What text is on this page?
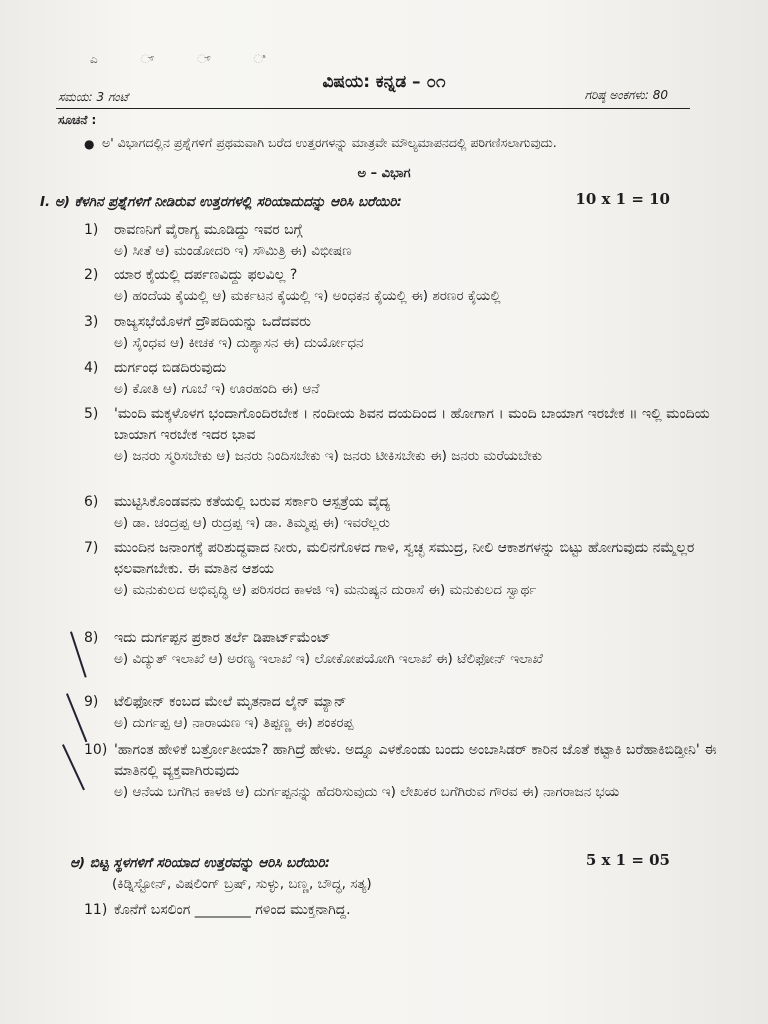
ಎ ್ ್ ಿ
ವಿಷಯ: ಕನ್ನಡ – ೦೧
ಸಮಯ: 3 ಗಂಟೆ	ಗರಿಷ್ಠ ಅಂಕಗಳು: 80
ಸೂಚನೆ :
● ಅ' ವಿಭಾಗದಲ್ಲಿನ ಪ್ರಶ್ನೆಗಳಿಗೆ ಪ್ರಥಮವಾಗಿ ಬರೆದ ಉತ್ತರಗಳನ್ನು ಮಾತ್ರವೇ ಮೌಲ್ಯಮಾಪನದಲ್ಲಿ ಪರಿಗಣಿಸಲಾಗುವುದು.
ಅ – ವಿಭಾಗ
I. ಅ) ಕೆಳಗಿನ ಪ್ರಶ್ನೆಗಳಿಗೆ ನೀಡಿರುವ ಉತ್ತರಗಳಲ್ಲಿ ಸರಿಯಾದುದನ್ನು ಆರಿಸಿ ಬರೆಯಿರಿ:	10 x 1 = 10
1) ರಾವಣನಿಗೆ ವೈರಾಗ್ಯ ಮೂಡಿದ್ದು ಇವರ ಬಗ್ಗೆ
ಅ) ಸೀತೆ ಆ) ಮಂಡೋದರಿ ಇ) ಸೌಮಿತ್ರಿ ಈ) ವಿಭೀಷಣ
2) ಯಾರ ಕೈಯಲ್ಲಿ ದರ್ಪಣವಿದ್ದು ಫಲವಿಲ್ಲ ?
ಅ) ಹಂದೆಯ ಕೈಯಲ್ಲಿ ಆ) ಮರ್ಕಟನ ಕೈಯಲ್ಲಿ ಇ) ಅಂಧಕನ ಕೈಯಲ್ಲಿ ಈ) ಶರಣರ ಕೈಯಲ್ಲಿ
3) ರಾಜ್ಯಸಭೆಯೊಳಗೆ ದ್ರೌಪದಿಯನ್ನು ಒದೆದವರು
ಅ) ಸೈಂಧವ ಆ) ಕೀಚಕ ಇ) ದುಶ್ಯಾಸನ ಈ) ದುರ್ಯೋಧನ
4) ದುರ್ಗಂಧ ಬಿಡದಿರುವುದು
ಅ) ಕೋತಿ ಆ) ಗೂಬೆ ಇ) ಊರಹಂದಿ ಈ) ಆನೆ
5) 'ಮಂದಿ ಮಕ್ಕಳೊಳಗ ಭಂದಾಗೊಂದಿರಬೇಕ । ನಂದೀಯ ಶಿವನ ದಯದಿಂದ । ಹೋಗಾಗ । ಮಂದಿ ಬಾಯಾಗ ಇರಬೇಕ ॥ ಇಲ್ಲಿ ಮಂದಿಯ ಬಾಯಾಗ ಇರಬೇಕ ಇದರ ಭಾವ
ಅ) ಜನರು ಸ್ಮರಿಸಬೇಕು ಆ) ಜನರು ನಿಂದಿಸಬೇಕು ಇ) ಜನರು ಟೀಕಿಸಬೇಕು ಈ) ಜನರು ಮರೆಯಬೇಕು
6) ಮುಟ್ಟಿಸಿಕೊಂಡವನು ಕತೆಯಲ್ಲಿ ಬರುವ ಸರ್ಕಾರಿ ಆಸ್ಪತ್ರೆಯ ವೈದ್ಯ
ಅ) ಡಾ. ಚಂದ್ರಪ್ಪ ಆ) ರುದ್ರಪ್ಪ ಇ) ಡಾ. ತಿಮ್ಮಪ್ಪ ಈ) ಇವರೆಲ್ಲರು
7) ಮುಂದಿನ ಜನಾಂಗಕ್ಕೆ ಪರಿಶುದ್ಧವಾದ ನೀರು, ಮಲಿನಗೊಳದ ಗಾಳಿ, ಸ್ವಚ್ಛ ಸಮುದ್ರ, ನೀಲಿ ಆಕಾಶಗಳನ್ನು ಬಿಟ್ಟು ಹೋಗುವುದು ನಮ್ಮೆಲ್ಲರ ಛಲವಾಗಬೇಕು. ಈ ಮಾತಿನ ಆಶಯ
ಅ) ಮನುಕುಲದ ಅಭಿವೃದ್ಧಿ ಆ) ಪರಿಸರದ ಕಾಳಜಿ ಇ) ಮನುಷ್ಯನ ದುರಾಸೆ ಈ) ಮನುಕುಲದ ಸ್ವಾರ್ಥ
8) ಇದು ದುರ್ಗಪ್ಪನ ಪ್ರಕಾರ ತರ್ಲೆ ಡಿಪಾರ್ಟ್‌ಮೆಂಟ್
ಅ) ವಿದ್ಯುತ್ ಇಲಾಖೆ ಆ) ಅರಣ್ಯ ಇಲಾಖೆ ಇ) ಲೋಕೋಪಯೋಗಿ ಇಲಾಖೆ ಈ) ಟೆಲಿಫೋನ್ ಇಲಾಖೆ
9) ಟೆಲಿಫೋನ್ ಕಂಬದ ಮೇಲೆ ಮೃತನಾದ ಲೈನ್ ಮ್ಯಾನ್
ಅ) ದುರ್ಗಪ್ಪ ಆ) ನಾರಾಯಣ ಇ) ತಿಪ್ಪಣ್ಣ ಈ) ಶಂಕರಪ್ಪ
10) 'ಹಾಗಂತ ಹೇಳಿಕೆ ಬರ್ತ್ರೋತೀಯಾ? ಹಾಗಿದ್ರೆ ಹೇಳು. ಅದ್ನೂ ಎಳಕೊಂಡು ಬಂದು ಅಂಬಾಸಿಡರ್ ಕಾರಿನ ಜೊತೆ ಕಟ್ಟಾಕಿ ಬರೆಹಾಕಿಬಿಡ್ತೀನಿ' ಈ ಮಾತಿನಲ್ಲಿ ವ್ಯಕ್ತವಾಗಿರುವುದು
ಅ) ಆನೆಯ ಬಗೆಗಿನ ಕಾಳಜಿ ಆ) ದುರ್ಗಪ್ಪನನ್ನು ಹೆದರಿಸುವುದು ಇ) ಲೇಖಕರ ಬಗೆಗಿರುವ ಗೌರವ ಈ) ನಾಗರಾಜನ ಭಯ
ಆ) ಬಿಟ್ಟ ಸ್ಥಳಗಳಿಗೆ ಸರಿಯಾದ ಉತ್ತರವನ್ನು ಆರಿಸಿ ಬರೆಯಿರಿ:	5 x 1 = 05
(ಕಿಡ್ನಿಸ್ಟೋನ್, ವಿಷಲಿಂಗ್ ಬ್ರಷ್, ಸುಳ್ಳು, ಬಣ್ಣ, ಬೌದ್ಧ, ಸತ್ಯ)
11) ಕೊನೆಗೆ ಬಸಲಿಂಗ ________ ಗಳಿಂದ ಮುಕ್ತನಾಗಿದ್ದ.
